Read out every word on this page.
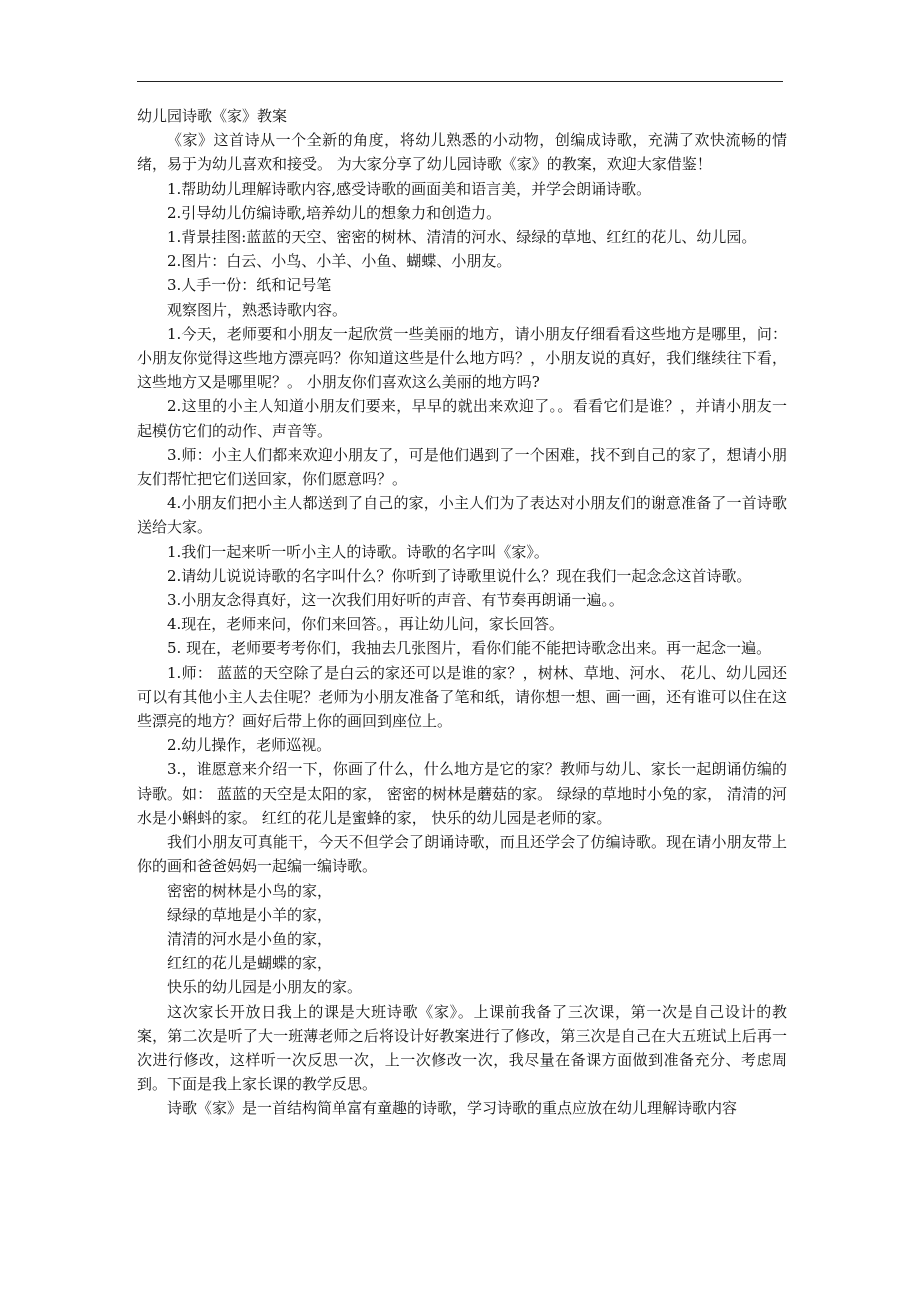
幼儿园诗歌《家》教案

《家》这首诗从一个全新的角度，将幼儿熟悉的小动物，创编成诗歌，充满了欢快流畅的情绪，易于为幼儿喜欢和接受。 为大家分享了幼儿园诗歌《家》的教案，欢迎大家借鉴！

1.帮助幼儿理解诗歌内容,感受诗歌的画面美和语言美，并学会朗诵诗歌。

2.引导幼儿仿编诗歌,培养幼儿的想象力和创造力。

1.背景挂图:蓝蓝的天空、密密的树林、清清的河水、绿绿的草地、红红的花儿、幼儿园。

2.图片：白云、小鸟、小羊、小鱼、蝴蝶、小朋友。

3.人手一份：纸和记号笔

观察图片，熟悉诗歌内容。

1.今天，老师要和小朋友一起欣赏一些美丽的地方，请小朋友仔细看看这些地方是哪里，问：小朋友你觉得这些地方漂亮吗？你知道这些是什么地方吗？，小朋友说的真好，我们继续往下看，这些地方又是哪里呢？。 小朋友你们喜欢这么美丽的地方吗?

2.这里的小主人知道小朋友们要来，早早的就出来欢迎了。。看看它们是谁？，并请小朋友一起模仿它们的动作、声音等。

3.师：小主人们都来欢迎小朋友了，可是他们遇到了一个困难，找不到自己的家了，想请小朋友们帮忙把它们送回家，你们愿意吗？。

4.小朋友们把小主人都送到了自己的家，小主人们为了表达对小朋友们的谢意准备了一首诗歌送给大家。

1.我们一起来听一听小主人的诗歌。诗歌的名字叫《家》。

2.请幼儿说说诗歌的名字叫什么？你听到了诗歌里说什么？现在我们一起念念这首诗歌。

3.小朋友念得真好，这一次我们用好听的声音、有节奏再朗诵一遍。。

4.现在，老师来问，你们来回答。，再让幼儿问，家长回答。

5. 现在，老师要考考你们，我抽去几张图片，看你们能不能把诗歌念出来。再一起念一遍。

1.师： 蓝蓝的天空除了是白云的家还可以是谁的家？，树林、草地、河水、 花儿、幼儿园还可以有其他小主人去住呢？老师为小朋友准备了笔和纸，请你想一想、画一画，还有谁可以住在这些漂亮的地方？画好后带上你的画回到座位上。

2.幼儿操作，老师巡视。

3.，谁愿意来介绍一下，你画了什么，什么地方是它的家？教师与幼儿、家长一起朗诵仿编的诗歌。如： 蓝蓝的天空是太阳的家， 密密的树林是蘑菇的家。 绿绿的草地时小兔的家， 清清的河水是小蝌蚪的家。 红红的花儿是蜜蜂的家， 快乐的幼儿园是老师的家。

我们小朋友可真能干，今天不但学会了朗诵诗歌，而且还学会了仿编诗歌。现在请小朋友带上你的画和爸爸妈妈一起编一编诗歌。

密密的树林是小鸟的家，

绿绿的草地是小羊的家，

清清的河水是小鱼的家，

红红的花儿是蝴蝶的家，

快乐的幼儿园是小朋友的家。

这次家长开放日我上的课是大班诗歌《家》。上课前我备了三次课，第一次是自己设计的教案，第二次是听了大一班薄老师之后将设计好教案进行了修改，第三次是自己在大五班试上后再一次进行修改，这样听一次反思一次，上一次修改一次，我尽量在备课方面做到准备充分、考虑周到。下面是我上家长课的教学反思。

诗歌《家》是一首结构简单富有童趣的诗歌，学习诗歌的重点应放在幼儿理解诗歌内容
